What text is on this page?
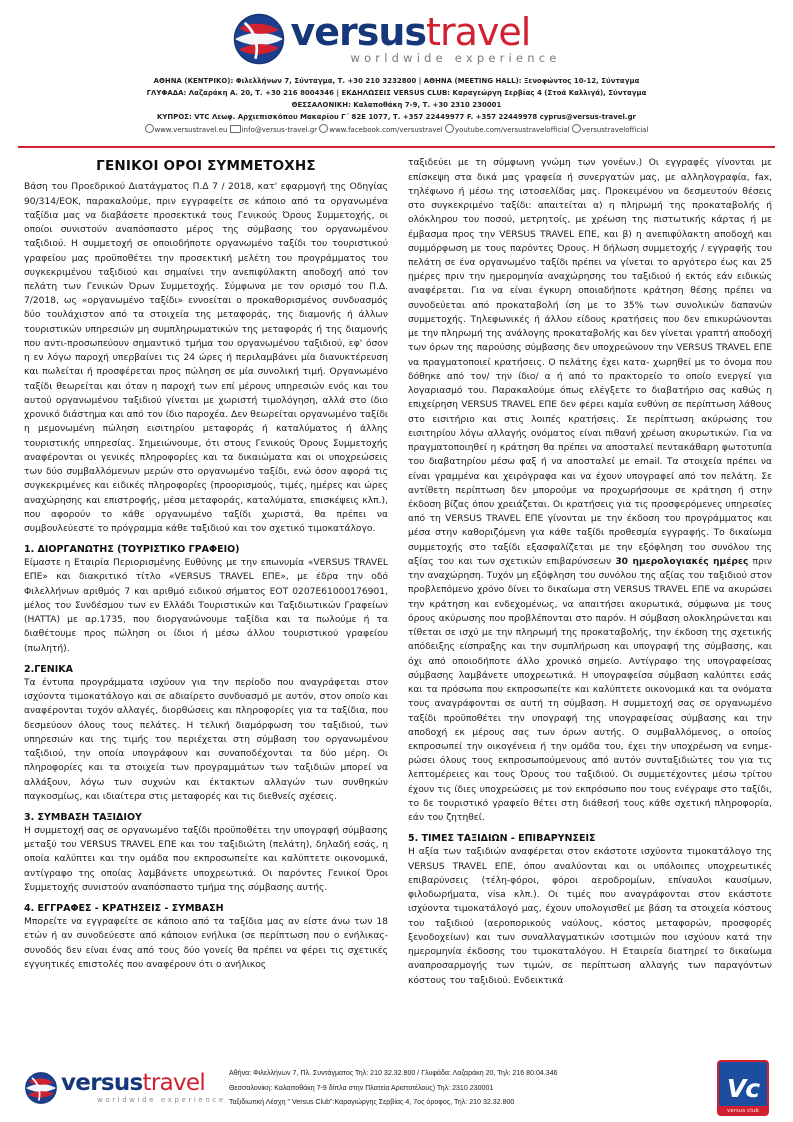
versustravel
worldwide experience
ΑΘΗΝΑ (ΚΕΝΤΡΙΚΟ): Φιλελλήνων 7, Σύνταγμα, Τ. +30 210 3232800 | ΑΘΗΝΑ (MEETING HALL): Ξενοφώντος 10-12, Σύνταγμα
ΓΛΥΦΑΔΑ: Λαζαράκη Α. 20, Τ. +30 216 8004346 | ΕΚΔΗΛΩΣΕΙΣ VERSUS CLUB: Καραγεώργη Σερβίας 4 (Στοά Καλλιγά), Σύνταγμα
ΘΕΣΣΑΛΟΝΙΚΗ: Καλαποθάκη 7-9, Τ. +30 2310 230001
ΚΥΠΡΟΣ: VTC Λεωφ. Αρχιεπισκόπου Μακαρίου Γ´ 82Ε 1077, Τ. +357 22449977 F. +357 22449978 cyprus@versus-travel.gr
www.versustravel.eu info@versus-travel.gr www.facebook.com/versustravel youtube.com/versustravelofficial versustravelofficial
ΓΕΝΙΚΟΙ ΟΡΟΙ ΣΥΜΜΕΤΟΧΗΣ

Βάση του Προεδρικού Διατάγματος Π.Δ 7 / 2018, κατ' εφαρμογή της Οδηγίας 90/314/ΕΟΚ, παρακαλούμε, πριν εγγραφείτε σε κάποιο από τα οργανωμένα ταξίδια μας να διαβάσετε προσεκτικά τους Γενικούς Όρους Συμμετοχής, οι οποίοι συνιστούν αναπόσπαστο μέρος της σύμβασης του οργανωμένου ταξιδιού. Η συμμετοχή σε οποιοδήποτε οργανωμένο ταξίδι του τουριστικού γραφείου μας προϋποθέτει την προσεκτική μελέτη του προγράμματος του συγκεκριμένου ταξιδιού και σημαίνει την ανεπιφύλακτη αποδοχή από τον πελάτη των Γενικών Όρων Συμμετοχής. Σύμφωνα με τον ορισμό του Π.Δ. 7/2018, ως «οργανωμένο ταξίδι» εννοείται ο προκαθορισμένος συνδυασμός δύο τουλάχιστον από τα στοιχεία της μεταφοράς, της διαμονής ή άλλων τουριστικών υπηρεσιών μη συμπληρωματικών της μεταφοράς ή της διαμονής που αντι-προσωπεύουν σημαντικό τμήμα του οργανωμένου ταξιδιού, εφ' όσον η εν λόγω παροχή υπερβαίνει τις 24 ώρες ή περιλαμβάνει μία διανυκτέρευση και πωλείται ή προσφέρεται προς πώληση σε μία συνολική τιμή. Οργανωμένο ταξίδι θεωρείται και όταν η παροχή των επί μέρους υπηρεσιών ενός και του αυτού οργανωμένου ταξιδιού γίνεται με χωριστή τιμολόγηση, αλλά στο ίδιο χρονικό διάστημα και από τον ίδιο παροχέα. Δεν θεωρείται οργανωμένο ταξίδι η μεμονωμένη πώληση εισιτηρίου μεταφοράς ή καταλύματος ή άλλης τουριστικής υπηρεσίας. Σημειώνουμε, ότι στους Γενικούς Όρους Συμμετοχής αναφέρονται οι γενικές πληροφορίες και τα δικαιώματα και οι υποχρεώσεις των δύο συμβαλλόμενων μερών στο οργανωμένο ταξίδι, ενώ όσον αφορά τις συγκεκριμένες και ειδικές πληροφορίες (προορισμούς, τιμές, ημέρες και ώρες αναχώρησης και επιστροφής, μέσα μεταφοράς, καταλύματα, επισκέψεις κλπ.), που αφορούν το κάθε οργανωμένο ταξίδι χωριστά, θα πρέπει να συμβουλεύεστε το πρόγραμμα κάθε ταξιδιού και τον σχετικό τιμοκατάλογο.

1. ΔΙΟΡΓΑΝΩΤΗΣ (ΤΟΥΡΙΣΤΙΚΟ ΓΡΑΦΕΙΟ)

Είμαστε η Εταιρία Περιορισμένης Ευθύνης με την επωνυμία «VERSUS TRAVEL ΕΠΕ» και διακριτικό τίτλο «VERSUS TRAVEL ΕΠΕ», με έδρα την οδό Φιλελλήνων αριθμός 7 και αριθμό ειδικού σήματος ΕΟΤ 0207Ε61000176901, μέλος του Συνδέσμου των εν Ελλάδι Τουριστικών και Ταξιδιωτικών Γραφείων (HATTA) με αρ.1735, που διοργανώνουμε ταξίδια και τα πωλούμε ή τα διαθέτουμε προς πώληση οι ίδιοι ή μέσω άλλου τουριστικού γραφείου (πωλητή).

2.ΓΕΝΙΚΑ

Τα έντυπα προγράμματα ισχύουν για την περίοδο που αναγράφεται στον ισχύοντα τιμοκατάλογο και σε αδιαίρετο συνδυασμό με αυτόν, στον οποίο και αναφέρονται τυχόν αλλαγές, διορθώσεις και πληροφορίες για τα ταξίδια, που δεσμεύουν όλους τους πελάτες. Η τελική διαμόρφωση του ταξιδιού, των υπηρεσιών και της τιμής του περιέχεται στη σύμβαση του οργανωμένου ταξιδιού, την οποία υπογράφουν και συναποδέχονται τα δύο μέρη. Οι πληροφορίες και τα στοιχεία των προγραμμάτων των ταξιδιών μπορεί να αλλάξουν, λόγω των συχνών και έκτακτων αλλαγών των συνθηκών παγκοσμίως, και ιδιαίτερα στις μεταφορές και τις διεθνείς σχέσεις.

3. ΣΥΜΒΑΣΗ ΤΑΞΙΔΙΟΥ

Η συμμετοχή σας σε οργανωμένο ταξίδι προϋποθέτει την υπογραφή σύμβασης μεταξύ του VERSUS TRAVEL ΕΠΕ και του ταξιδιώτη (πελάτη), δηλαδή εσάς, η οποία καλύπτει και την ομάδα που εκπροσωπείτε και καλύπτετε οικονομικά, αντίγραφο της οποίας λαμβάνετε υποχρεωτικά. Οι παρόντες Γενικοί Όροι Συμμετοχής συνιστούν αναπόσπαστο τμήμα της σύμβασης αυτής.

4. ΕΓΓΡΑΦΕΣ - ΚΡΑΤΗΣΕΙΣ - ΣΥΜΒΑΣΗ

Μπορείτε να εγγραφείτε σε κάποιο από τα ταξίδια μας αν είστε άνω των 18 ετών ή αν συνοδεύεστε από κάποιον ενήλικα (σε περίπτωση που ο ενήλικας-συνοδός δεν είναι ένας από τους δύο γονείς θα πρέπει να φέρει τις σχετικές εγγυητικές επιστολές που αναφέρουν ότι ο ανήλικος

ταξιδεύει με τη σύμφωνη γνώμη των γονέων.) Οι εγγραφές γίνονται με επίσκεψη στα δικά μας γραφεία ή συνεργατών μας, με αλληλογραφία, fax, τηλέφωνο ή μέσω της ιστοσελίδας μας. Προκειμένου να δεσμευτούν θέσεις στο συγκεκριμένο ταξίδι: απαιτείται α) η πληρωμή της προκαταβολής ή ολόκληρου του ποσού, μετρητοίς, με χρέωση της πιστωτικής κάρτας ή με έμβασμα προς την VERSUS TRAVEL ΕΠΕ, και β) η ανεπιφύλακτη αποδοχή και συμμόρφωση με τους παρόντες Όρους. Η δήλωση συμμετοχής / εγγραφής του πελάτη σε ένα οργανωμένο ταξίδι πρέπει να γίνεται το αργότερο έως και 25 ημέρες πριν την ημερομηνία αναχώρησης του ταξιδιού ή εκτός εάν ειδικώς αναφέρεται. Για να είναι έγκυρη οποιαδήποτε κράτηση θέσης πρέπει να συνοδεύεται από προκαταβολή ίση με το 35% των συνολικών δαπανών συμμετοχής. Τηλεφωνικές ή άλλου είδους κρατήσεις που δεν επικυρώνονται με την πληρωμή της ανάλογης προκαταβολής και δεν γίνεται γραπτή αποδοχή των όρων της παρούσης σύμβασης δεν υποχρεώνουν την VERSUS TRAVEL ΕΠΕ να πραγματοποιεί κρατήσεις. Ο πελάτης έχει κατα- χωρηθεί με το όνομα που δόθηκε από τον/ την ίδιο/ α ή από το πρακτορείο το οποίο ενεργεί για λογαριασμό του. Παρακαλούμε όπως ελέγξετε το διαβατήριο σας καθώς η επιχείρηση VERSUS TRAVEL ΕΠΕ δεν φέρει καμία ευθύνη σε περίπτωση λάθους στο εισιτήριο και στις λοιπές κρατήσεις. Σε περίπτωση ακύρωσης του εισιτηρίου λόγω αλλαγής ονόματος είναι πιθανή χρέωση ακυρωτικών. Για να πραγματοποιηθεί η κράτηση θα πρέπει να αποσταλεί πεντακάθαρη φωτοτυπία του διαβατηρίου μέσω φαξ ή να αποσταλεί με email. Τα στοιχεία πρέπει να είναι γραμμένα και χειρόγραφα και να έχουν υπογραφεί από τον πελάτη. Σε αντίθετη περίπτωση δεν μπορούμε να προχωρήσουμε σε κράτηση ή στην έκδοση βίζας όπου χρειάζεται. Οι κρατήσεις για τις προσφερόμενες υπηρεσίες από τη VERSUS TRAVEL ΕΠΕ γίνονται με την έκδοση του προγράμματος και μέσα στην καθοριζόμενη για κάθε ταξίδι προθεσμία εγγραφής. Το δικαίωμα συμμετοχής στο ταξίδι εξασφαλίζεται με την εξόφληση του συνόλου της αξίας του και των σχετικών επιβαρύνσεων 30 ημερολογιακές ημέρες πριν την αναχώρηση. Τυχόν μη εξόφληση του συνόλου της αξίας του ταξιδιού στον προβλεπόμενο χρόνο δίνει το δικαίωμα στη VERSUS TRAVEL ΕΠΕ να ακυρώσει την κράτηση και ενδεχομένως, να απαιτήσει ακυρωτικά, σύμφωνα με τους όρους ακύρωσης που προβλέπονται στο παρόν. Η σύμβαση ολοκληρώνεται και τίθεται σε ισχύ με την πληρωμή της προκαταβολής, την έκδοση της σχετικής απόδειξης είσπραξης και την συμπλήρωση και υπογραφή της σύμβασης, και όχι από οποιοδήποτε άλλο χρονικό σημείο. Αντίγραφο της υπογραφείσας σύμβασης λαμβάνετε υποχρεωτικά. Η υπογραφείσα σύμβαση καλύπτει εσάς και τα πρόσωπα που εκπροσωπείτε και καλύπτετε οικονομικά και τα ονόματα τους αναγράφονται σε αυτή τη σύμβαση. Η συμμετοχή σας σε οργανωμένο ταξίδι προϋποθέτει την υπογραφή της υπογραφείσας σύμβασης και την αποδοχή εκ μέρους σας των όρων αυτής. Ο συμβαλλόμενος, ο οποίος εκπροσωπεί την οικογένεια ή την ομάδα του, έχει την υποχρέωση να ενημε- ρώσει όλους τους εκπροσωπούμενους από αυτόν συνταξιδιώτες του για τις λεπτομέρειες και τους Όρους του ταξιδιού. Οι συμμετέχοντες μέσω τρίτου έχουν τις ίδιες υποχρεώσεις με τον εκπρόσωπο που τους ενέγραψε στο ταξίδι, το δε τουριστικό γραφείο θέτει στη διάθεσή τους κάθε σχετική πληροφορία, εάν του ζητηθεί.

5. ΤΙΜΕΣ ΤΑΞΙΔΙΩΝ - ΕΠΙΒΑΡΥΝΣΕΙΣ

Η αξία των ταξιδιών αναφέρεται στον εκάστοτε ισχύοντα τιμοκατάλογο της VERSUS TRAVEL ΕΠΕ, όπου αναλύονται και οι υπόλοιπες υποχρεωτικές επιβαρύνσεις (τέλη-φόροι, φόροι αεροδρομίων, επίναυλοι καυσίμων, φιλοδωρήματα, visa κλπ.). Οι τιμές που αναγράφονται στον εκάστοτε ισχύοντα τιμοκατάλογό μας, έχουν υπολογισθεί με βάση τα στοιχεία κόστους του ταξιδιού (αεροπορικούς ναύλους, κόστος μεταφορών, προσφορές ξενοδοχείων) και των συναλλαγματικών ισοτιμιών που ισχύουν κατά την ημερομηνία έκδοσης του τιμοκαταλόγου. Η Εταιρεία διατηρεί το δικαίωμα αναπροσαρμογής των τιμών, σε περίπτωση αλλαγής των παραγόντων κόστους του ταξιδιού. Ενδεικτικά

versustravel
worldwide experience
Αθήνα: Φιλελλήνων 7, Πλ. Συντάγματος Τηλ: 210 32.32.800 / Γλυφάδα: Λαζαράκη 20, Τηλ: 216 80.04.346
Θεσσαλονίκη: Καλαποθάκη 7-9 δίπλα στην Πλατεία Αριστοτέλους) Τηλ: 2310 230001
Ταξιδιωτική Λέσχη " Versus Club":Καραγιώργης Σερβίας 4, 7ος όροφος, Τηλ: 210 32.32.800	Vc
versus club
